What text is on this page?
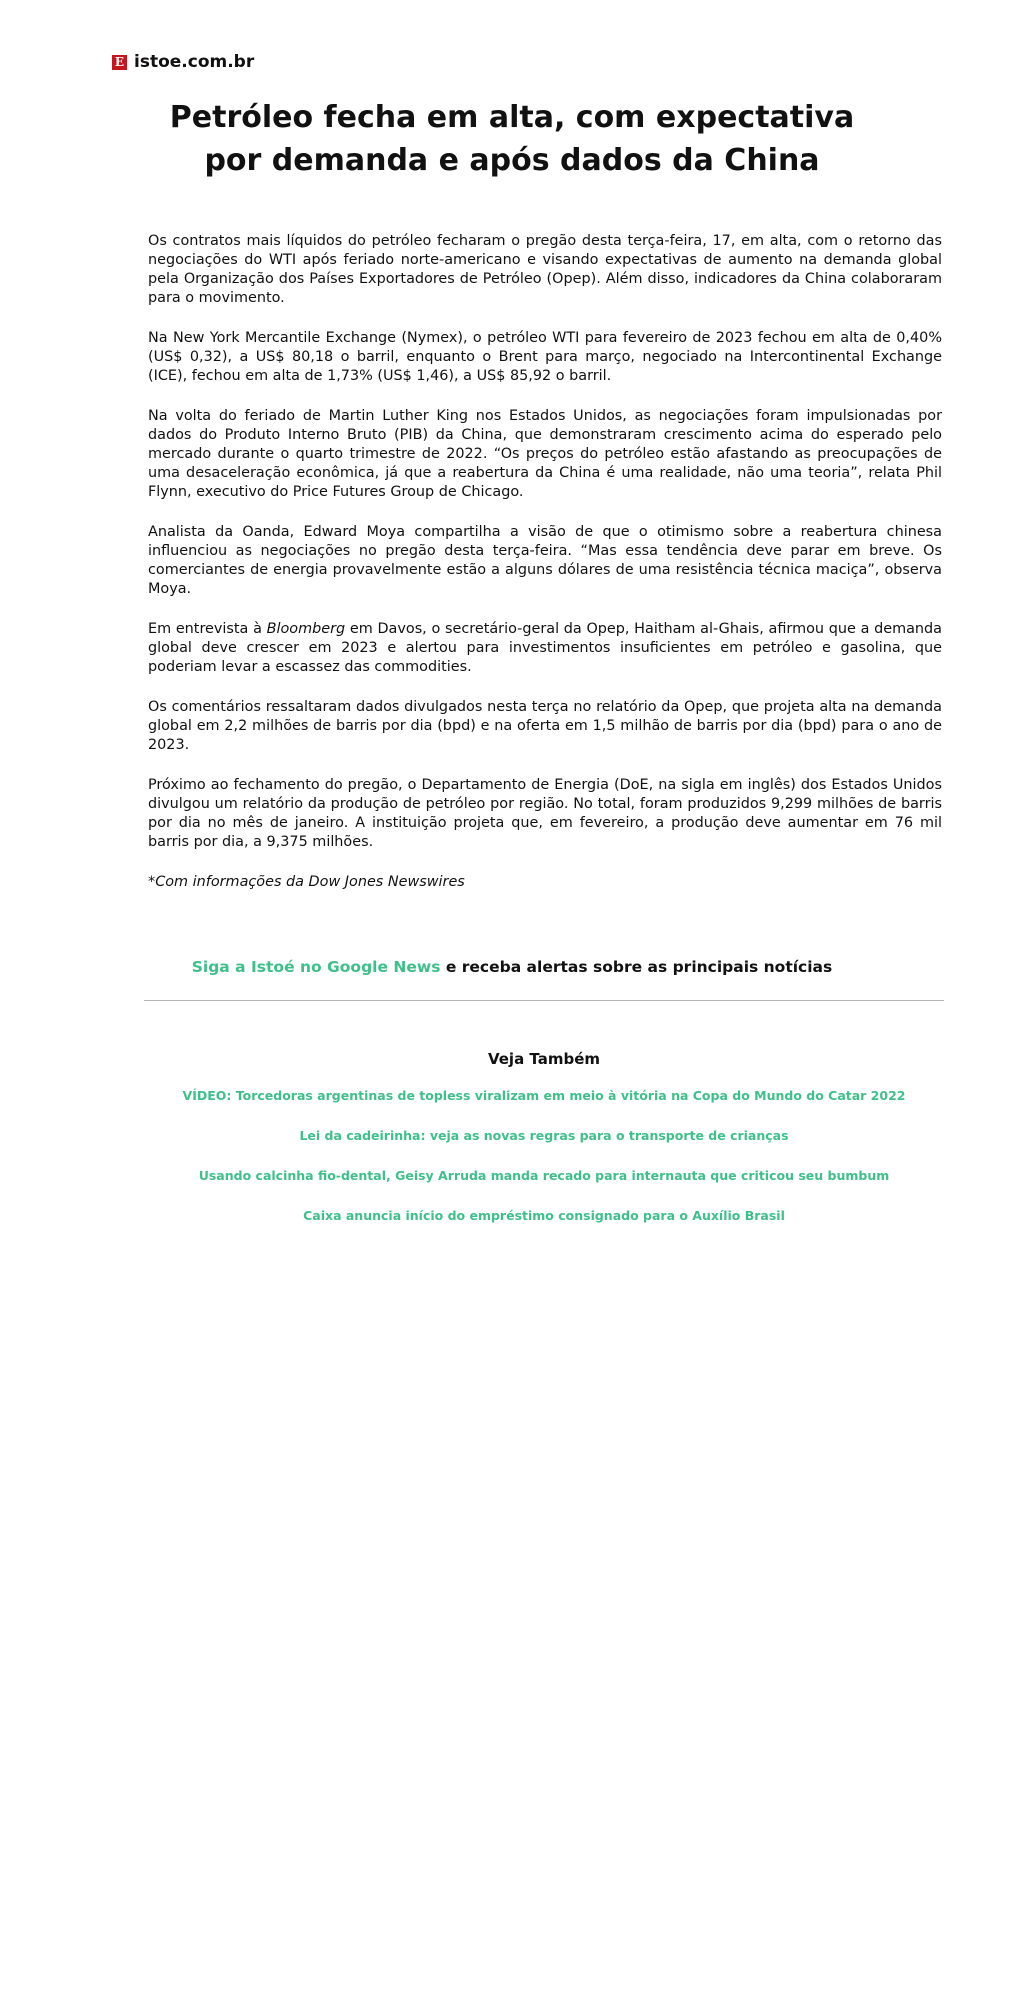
E istoe.com.br
Petróleo fecha em alta, com expectativa por demanda e após dados da China

Os contratos mais líquidos do petróleo fecharam o pregão desta terça-feira, 17, em alta, com o retorno das negociações do WTI após feriado norte-americano e visando expectativas de aumento na demanda global pela Organização dos Países Exportadores de Petróleo (Opep). Além disso, indicadores da China colaboraram para o movimento.

Na New York Mercantile Exchange (Nymex), o petróleo WTI para fevereiro de 2023 fechou em alta de 0,40% (US$ 0,32), a US$ 80,18 o barril, enquanto o Brent para março, negociado na Intercontinental Exchange (ICE), fechou em alta de 1,73% (US$ 1,46), a US$ 85,92 o barril.

Na volta do feriado de Martin Luther King nos Estados Unidos, as negociações foram impulsionadas por dados do Produto Interno Bruto (PIB) da China, que demonstraram crescimento acima do esperado pelo mercado durante o quarto trimestre de 2022. “Os preços do petróleo estão afastando as preocupações de uma desaceleração econômica, já que a reabertura da China é uma realidade, não uma teoria”, relata Phil Flynn, executivo do Price Futures Group de Chicago.

Analista da Oanda, Edward Moya compartilha a visão de que o otimismo sobre a reabertura chinesa influenciou as negociações no pregão desta terça-feira. “Mas essa tendência deve parar em breve. Os comerciantes de energia provavelmente estão a alguns dólares de uma resistência técnica maciça”, observa Moya.

Em entrevista à Bloomberg em Davos, o secretário-geral da Opep, Haitham al-Ghais, afirmou que a demanda global deve crescer em 2023 e alertou para investimentos insuficientes em petróleo e gasolina, que poderiam levar a escassez das commodities.

Os comentários ressaltaram dados divulgados nesta terça no relatório da Opep, que projeta alta na demanda global em 2,2 milhões de barris por dia (bpd) e na oferta em 1,5 milhão de barris por dia (bpd) para o ano de 2023.

Próximo ao fechamento do pregão, o Departamento de Energia (DoE, na sigla em inglês) dos Estados Unidos divulgou um relatório da produção de petróleo por região. No total, foram produzidos 9,299 milhões de barris por dia no mês de janeiro. A instituição projeta que, em fevereiro, a produção deve aumentar em 76 mil barris por dia, a 9,375 milhões.

*Com informações da Dow Jones Newswires

Siga a Istoé no Google News e receba alertas sobre as principais notícias
Veja Também
VÍDEO: Torcedoras argentinas de topless viralizam em meio à vitória na Copa do Mundo do Catar 2022
Lei da cadeirinha: veja as novas regras para o transporte de crianças
Usando calcinha fio-dental, Geisy Arruda manda recado para internauta que criticou seu bumbum
Caixa anuncia início do empréstimo consignado para o Auxílio Brasil
